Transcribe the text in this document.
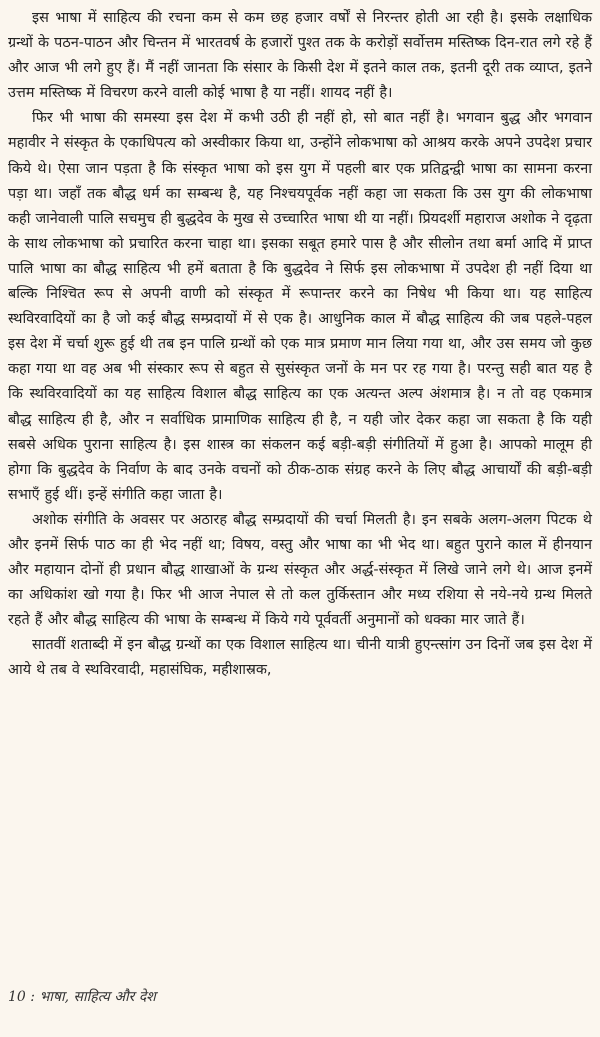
इस भाषा में साहित्य की रचना कम से कम छह हजार वर्षों से निरन्तर होती आ रही है। इसके लक्षाधिक ग्रन्थों के पठन-पाठन और चिन्तन में भारतवर्ष के हजारों पुश्त तक के करोड़ों सर्वोत्तम मस्तिष्क दिन-रात लगे रहे हैं और आज भी लगे हुए हैं। मैं नहीं जानता कि संसार के किसी देश में इतने काल तक, इतनी दूरी तक व्याप्त, इतने उत्तम मस्तिष्क में विचरण करने वाली कोई भाषा है या नहीं। शायद नहीं है।

फिर भी भाषा की समस्या इस देश में कभी उठी ही नहीं हो, सो बात नहीं है। भगवान बुद्ध और भगवान महावीर ने संस्कृत के एकाधिपत्य को अस्वीकार किया था, उन्होंने लोकभाषा को आश्रय करके अपने उपदेश प्रचार किये थे। ऐसा जान पड़ता है कि संस्कृत भाषा को इस युग में पहली बार एक प्रतिद्वन्द्वी भाषा का सामना करना पड़ा था। जहाँ तक बौद्ध धर्म का सम्बन्ध है, यह निश्चयपूर्वक नहीं कहा जा सकता कि उस युग की लोकभाषा कही जानेवाली पालि सचमुच ही बुद्धदेव के मुख से उच्चारित भाषा थी या नहीं। प्रियदर्शी महाराज अशोक ने दृढ़ता के साथ लोकभाषा को प्रचारित करना चाहा था। इसका सबूत हमारे पास है और सीलोन तथा बर्मा आदि में प्राप्त पालि भाषा का बौद्ध साहित्य भी हमें बताता है कि बुद्धदेव ने सिर्फ इस लोकभाषा में उपदेश ही नहीं दिया था बल्कि निश्चित रूप से अपनी वाणी को संस्कृत में रूपान्तर करने का निषेध भी किया था। यह साहित्य स्थविरवादियों का है जो कई बौद्ध सम्प्रदायों में से एक है। आधुनिक काल में बौद्ध साहित्य की जब पहले-पहल इस देश में चर्चा शुरू हुई थी तब इन पालि ग्रन्थों को एक मात्र प्रमाण मान लिया गया था, और उस समय जो कुछ कहा गया था वह अब भी संस्कार रूप से बहुत से सुसंस्कृत जनों के मन पर रह गया है। परन्तु सही बात यह है कि स्थविरवादियों का यह साहित्य विशाल बौद्ध साहित्य का एक अत्यन्त अल्प अंशमात्र है। न तो वह एकमात्र बौद्ध साहित्य ही है, और न सर्वाधिक प्रामाणिक साहित्य ही है, न यही जोर देकर कहा जा सकता है कि यही सबसे अधिक पुराना साहित्य है। इस शास्त्र का संकलन कई बड़ी-बड़ी संगीतियों में हुआ है। आपको मालूम ही होगा कि बुद्धदेव के निर्वाण के बाद उनके वचनों को ठीक-ठाक संग्रह करने के लिए बौद्ध आचार्यों की बड़ी-बड़ी सभाएँ हुई थीं। इन्हें संगीति कहा जाता है।

अशोक संगीति के अवसर पर अठारह बौद्ध सम्प्रदायों की चर्चा मिलती है। इन सबके अलग-अलग पिटक थे और इनमें सिर्फ पाठ का ही भेद नहीं था; विषय, वस्तु और भाषा का भी भेद था। बहुत पुराने काल में हीनयान और महायान दोनों ही प्रधान बौद्ध शाखाओं के ग्रन्थ संस्कृत और अर्द्ध-संस्कृत में लिखे जाने लगे थे। आज इनमें का अधिकांश खो गया है। फिर भी आज नेपाल से तो कल तुर्किस्तान और मध्य रशिया से नये-नये ग्रन्थ मिलते रहते हैं और बौद्ध साहित्य की भाषा के सम्बन्ध में किये गये पूर्ववर्ती अनुमानों को धक्का मार जाते हैं।

सातवीं शताब्दी में इन बौद्ध ग्रन्थों का एक विशाल साहित्य था। चीनी यात्री हुएन्त्सांग उन दिनों जब इस देश में आये थे तब वे स्थविरवादी, महासंघिक, महीशास्रक,

10 : भाषा, साहित्य और देश
